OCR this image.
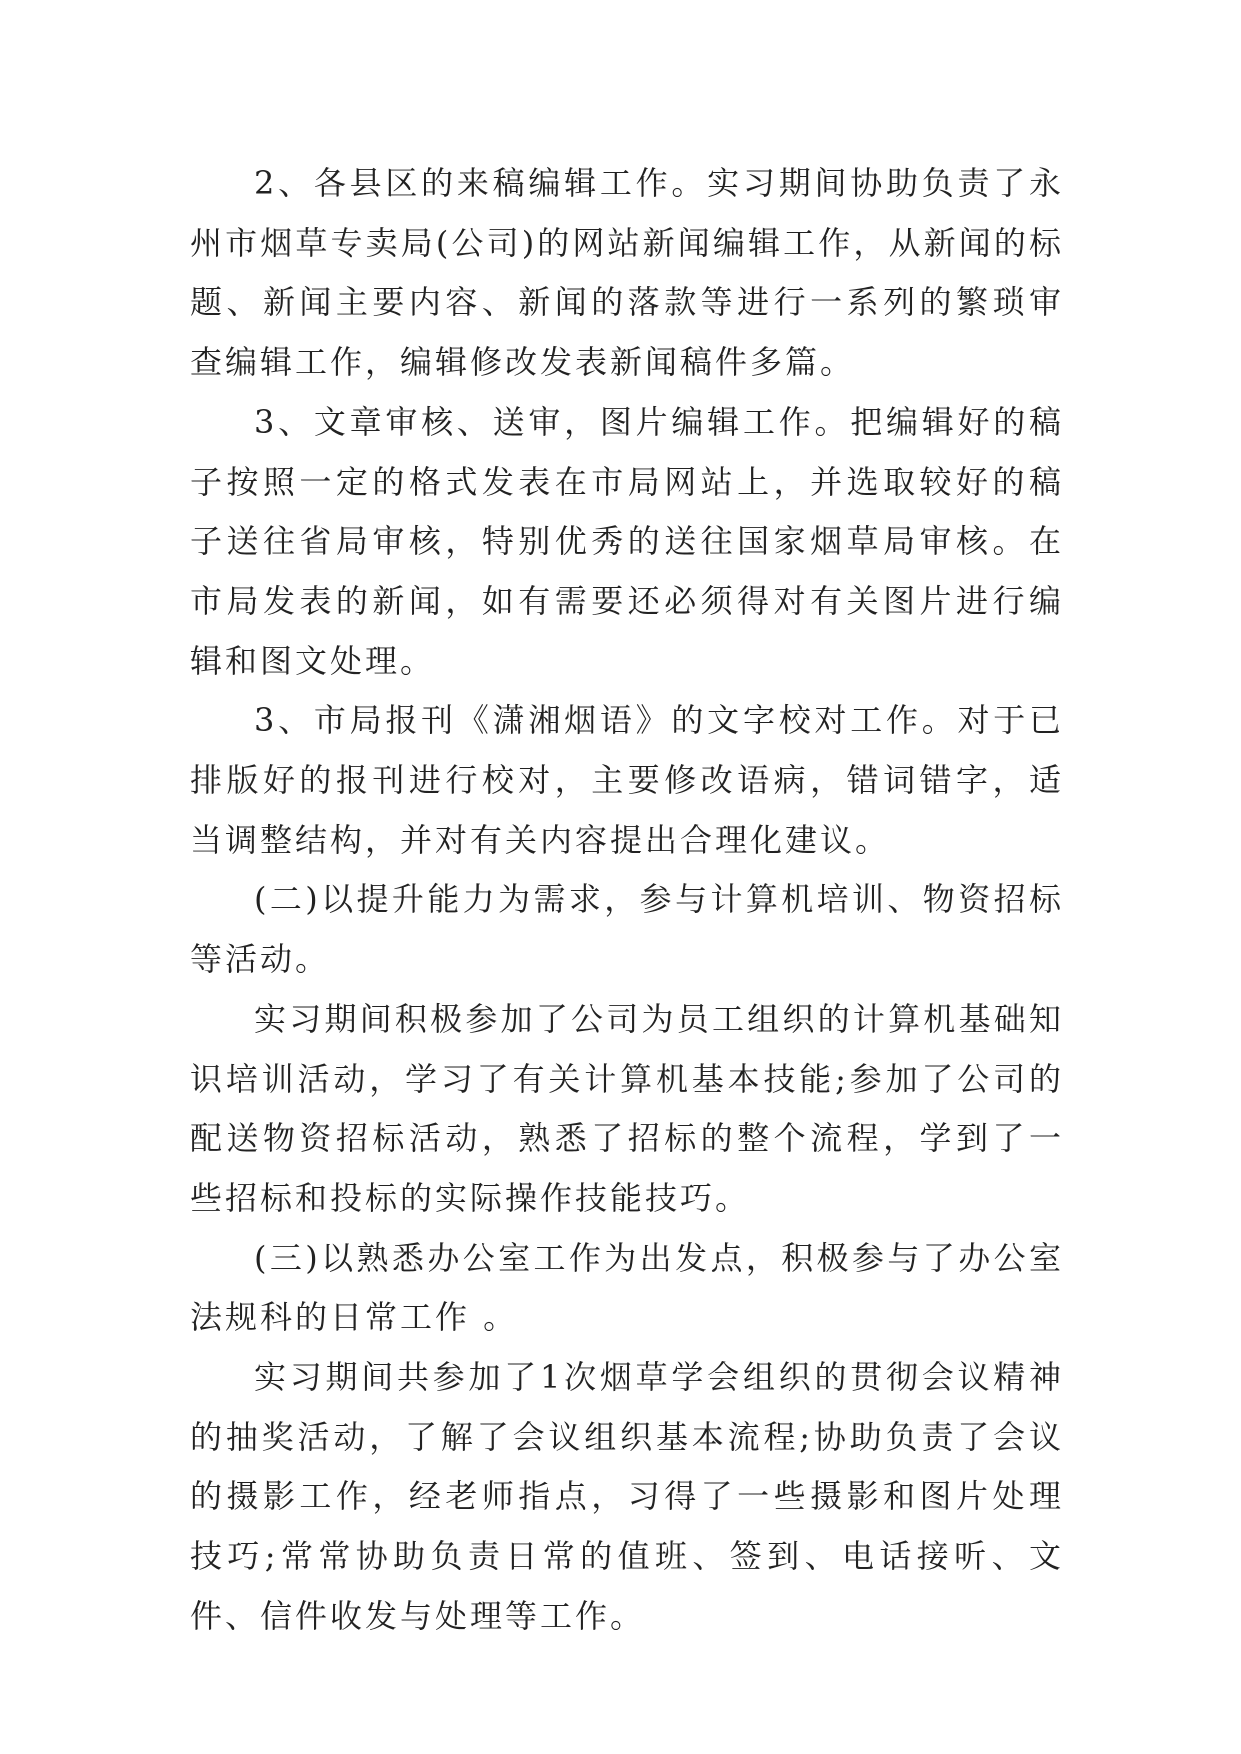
2、各县区的来稿编辑工作。实习期间协助负责了永州市烟草专卖局(公司)的网站新闻编辑工作，从新闻的标题、新闻主要内容、新闻的落款等进行一系列的繁琐审查编辑工作，编辑修改发表新闻稿件多篇。

3、文章审核、送审，图片编辑工作。把编辑好的稿子按照一定的格式发表在市局网站上，并选取较好的稿子送往省局审核，特别优秀的送往国家烟草局审核。在市局发表的新闻，如有需要还必须得对有关图片进行编辑和图文处理。

3、市局报刊《潇湘烟语》的文字校对工作。对于已排版好的报刊进行校对，主要修改语病，错词错字，适当调整结构，并对有关内容提出合理化建议。

(二)以提升能力为需求，参与计算机培训、物资招标等活动。

实习期间积极参加了公司为员工组织的计算机基础知识培训活动，学习了有关计算机基本技能;参加了公司的配送物资招标活动，熟悉了招标的整个流程，学到了一些招标和投标的实际操作技能技巧。

(三)以熟悉办公室工作为出发点，积极参与了办公室法规科的日常工作 。

实习期间共参加了1次烟草学会组织的贯彻会议精神的抽奖活动，了解了会议组织基本流程;协助负责了会议的摄影工作，经老师指点，习得了一些摄影和图片处理技巧;常常协助负责日常的值班、签到、电话接听、文件、信件收发与处理等工作。
